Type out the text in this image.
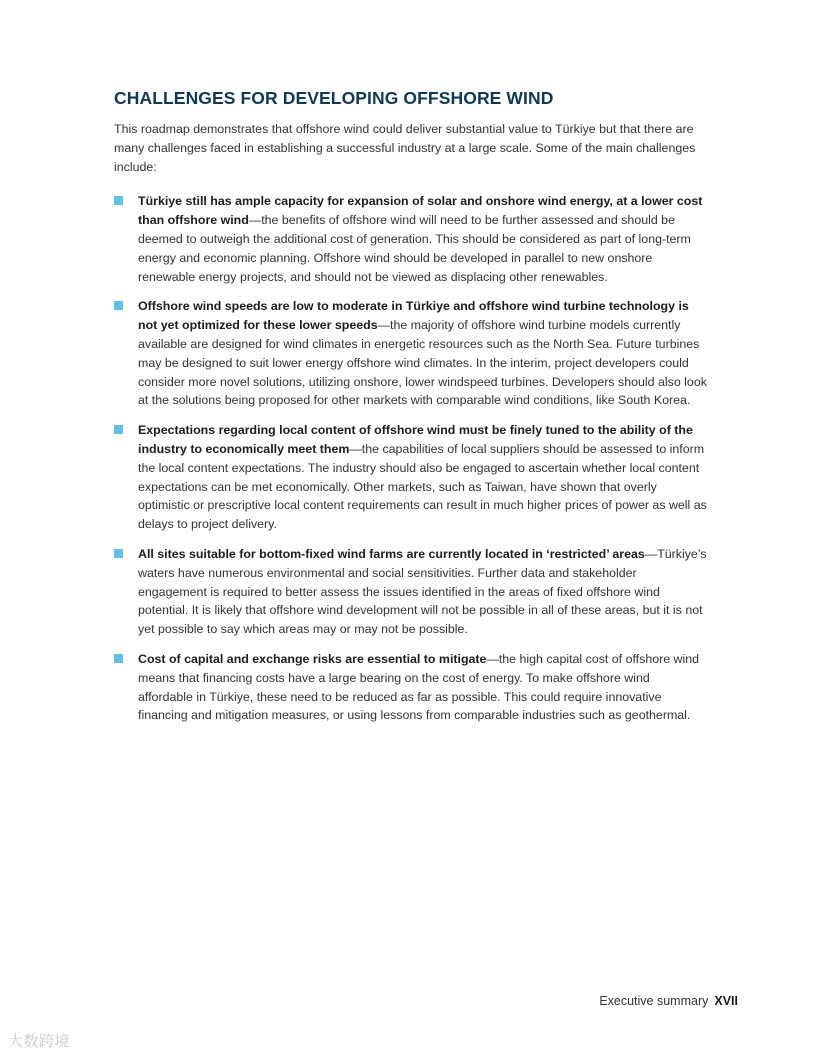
CHALLENGES FOR DEVELOPING OFFSHORE WIND

This roadmap demonstrates that offshore wind could deliver substantial value to Türkiye but that there are many challenges faced in establishing a successful industry at a large scale. Some of the main challenges include:

Türkiye still has ample capacity for expansion of solar and onshore wind energy, at a lower cost than offshore wind—the benefits of offshore wind will need to be further assessed and should be deemed to outweigh the additional cost of generation. This should be considered as part of long-term energy and economic planning. Offshore wind should be developed in parallel to new onshore renewable energy projects, and should not be viewed as displacing other renewables.
Offshore wind speeds are low to moderate in Türkiye and offshore wind turbine technology is not yet optimized for these lower speeds—the majority of offshore wind turbine models currently available are designed for wind climates in energetic resources such as the North Sea. Future turbines may be designed to suit lower energy offshore wind climates. In the interim, project developers could consider more novel solutions, utilizing onshore, lower windspeed turbines. Developers should also look at the solutions being proposed for other markets with comparable wind conditions, like South Korea.
Expectations regarding local content of offshore wind must be finely tuned to the ability of the industry to economically meet them—the capabilities of local suppliers should be assessed to inform the local content expectations. The industry should also be engaged to ascertain whether local content expectations can be met economically. Other markets, such as Taiwan, have shown that overly optimistic or prescriptive local content requirements can result in much higher prices of power as well as delays to project delivery.
All sites suitable for bottom-fixed wind farms are currently located in ‘restricted’ areas—Türkiye’s waters have numerous environmental and social sensitivities. Further data and stakeholder engagement is required to better assess the issues identified in the areas of fixed offshore wind potential. It is likely that offshore wind development will not be possible in all of these areas, but it is not yet possible to say which areas may or may not be possible.
Cost of capital and exchange risks are essential to mitigate—the high capital cost of offshore wind means that financing costs have a large bearing on the cost of energy. To make offshore wind affordable in Türkiye, these need to be reduced as far as possible. This could require innovative financing and mitigation measures, or using lessons from comparable industries such as geothermal.
Executive summary XVII
大数跨境
